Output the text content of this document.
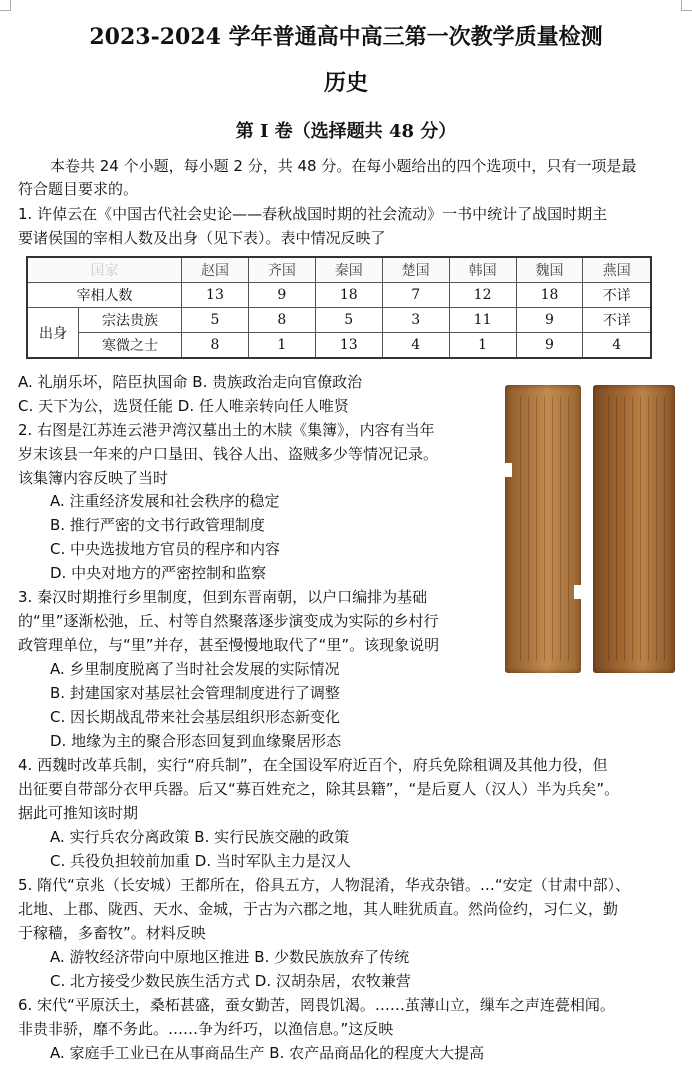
2023-2024 学年普通高中高三第一次教学质量检测
历史
第 I 卷（选择题共 48 分）
本卷共 24 个小题，每小题 2 分，共 48 分。在每小题给出的四个选项中，只有一项是最
符合题目要求的。
1. 许倬云在《中国古代社会史论——春秋战国时期的社会流动》一书中统计了战国时期主
要诸侯国的宰相人数及出身（见下表）。表中情况反映了
国家		赵国	齐国	秦国	楚国	韩国	魏国	燕国
宰相人数		13	9	18	7	12	18	不详
出身	宗法贵族	5	8	5	3	11	9	不详
	寒微之士	8	1	13	4	1	9	4
A. 礼崩乐坏，陪臣执国命 B. 贵族政治走向官僚政治
C. 天下为公，选贤任能 D. 任人唯亲转向任人唯贤
2. 右图是江苏连云港尹湾汉墓出土的木牍《集簿》，内容有当年
岁末该县一年来的户口垦田、钱谷人出、盗贼多少等情况记录。
该集簿内容反映了当时
A. 注重经济发展和社会秩序的稳定
B. 推行严密的文书行政管理制度
C. 中央选拔地方官员的程序和内容
D. 中央对地方的严密控制和监察
3. 秦汉时期推行乡里制度，但到东晋南朝，以户口编排为基础
的“里”逐渐松弛，丘、村等自然聚落逐步演变成为实际的乡村行
政管理单位，与“里”并存，甚至慢慢地取代了“里”。该现象说明
A. 乡里制度脱离了当时社会发展的实际情况
B. 封建国家对基层社会管理制度进行了调整
C. 因长期战乱带来社会基层组织形态新变化
D. 地缘为主的聚合形态回复到血缘聚居形态
4. 西魏时改革兵制，实行“府兵制”，在全国设军府近百个，府兵免除租调及其他力役，但
出征要自带部分衣甲兵器。后又“募百姓充之，除其县籍”，“是后夏人（汉人）半为兵矣”。
据此可推知该时期
A. 实行兵农分离政策 B. 实行民族交融的政策
C. 兵役负担较前加重 D. 当时军队主力是汉人
5. 隋代“京兆（长安城）王都所在，俗具五方，人物混淆，华戎杂错。…“安定（甘肃中部）、
北地、上郡、陇西、天水、金城，于古为六郡之地，其人畦犹质直。然尚俭约，习仁义，勤
于稼穑，多畜牧”。材料反映
A. 游牧经济带向中原地区推进 B. 少数民族放弃了传统
C. 北方接受少数民族生活方式 D. 汉胡杂居，农牧兼营
6. 宋代“平原沃土，桑柘甚盛，蚕女勤苦，罔畏饥渴。……茧薄山立，缫车之声连甍相闻。
非贵非骄，靡不务此。……争为纤巧，以渔信息。”这反映
A. 家庭手工业已在从事商品生产 B. 农产品商品化的程度大大提高
